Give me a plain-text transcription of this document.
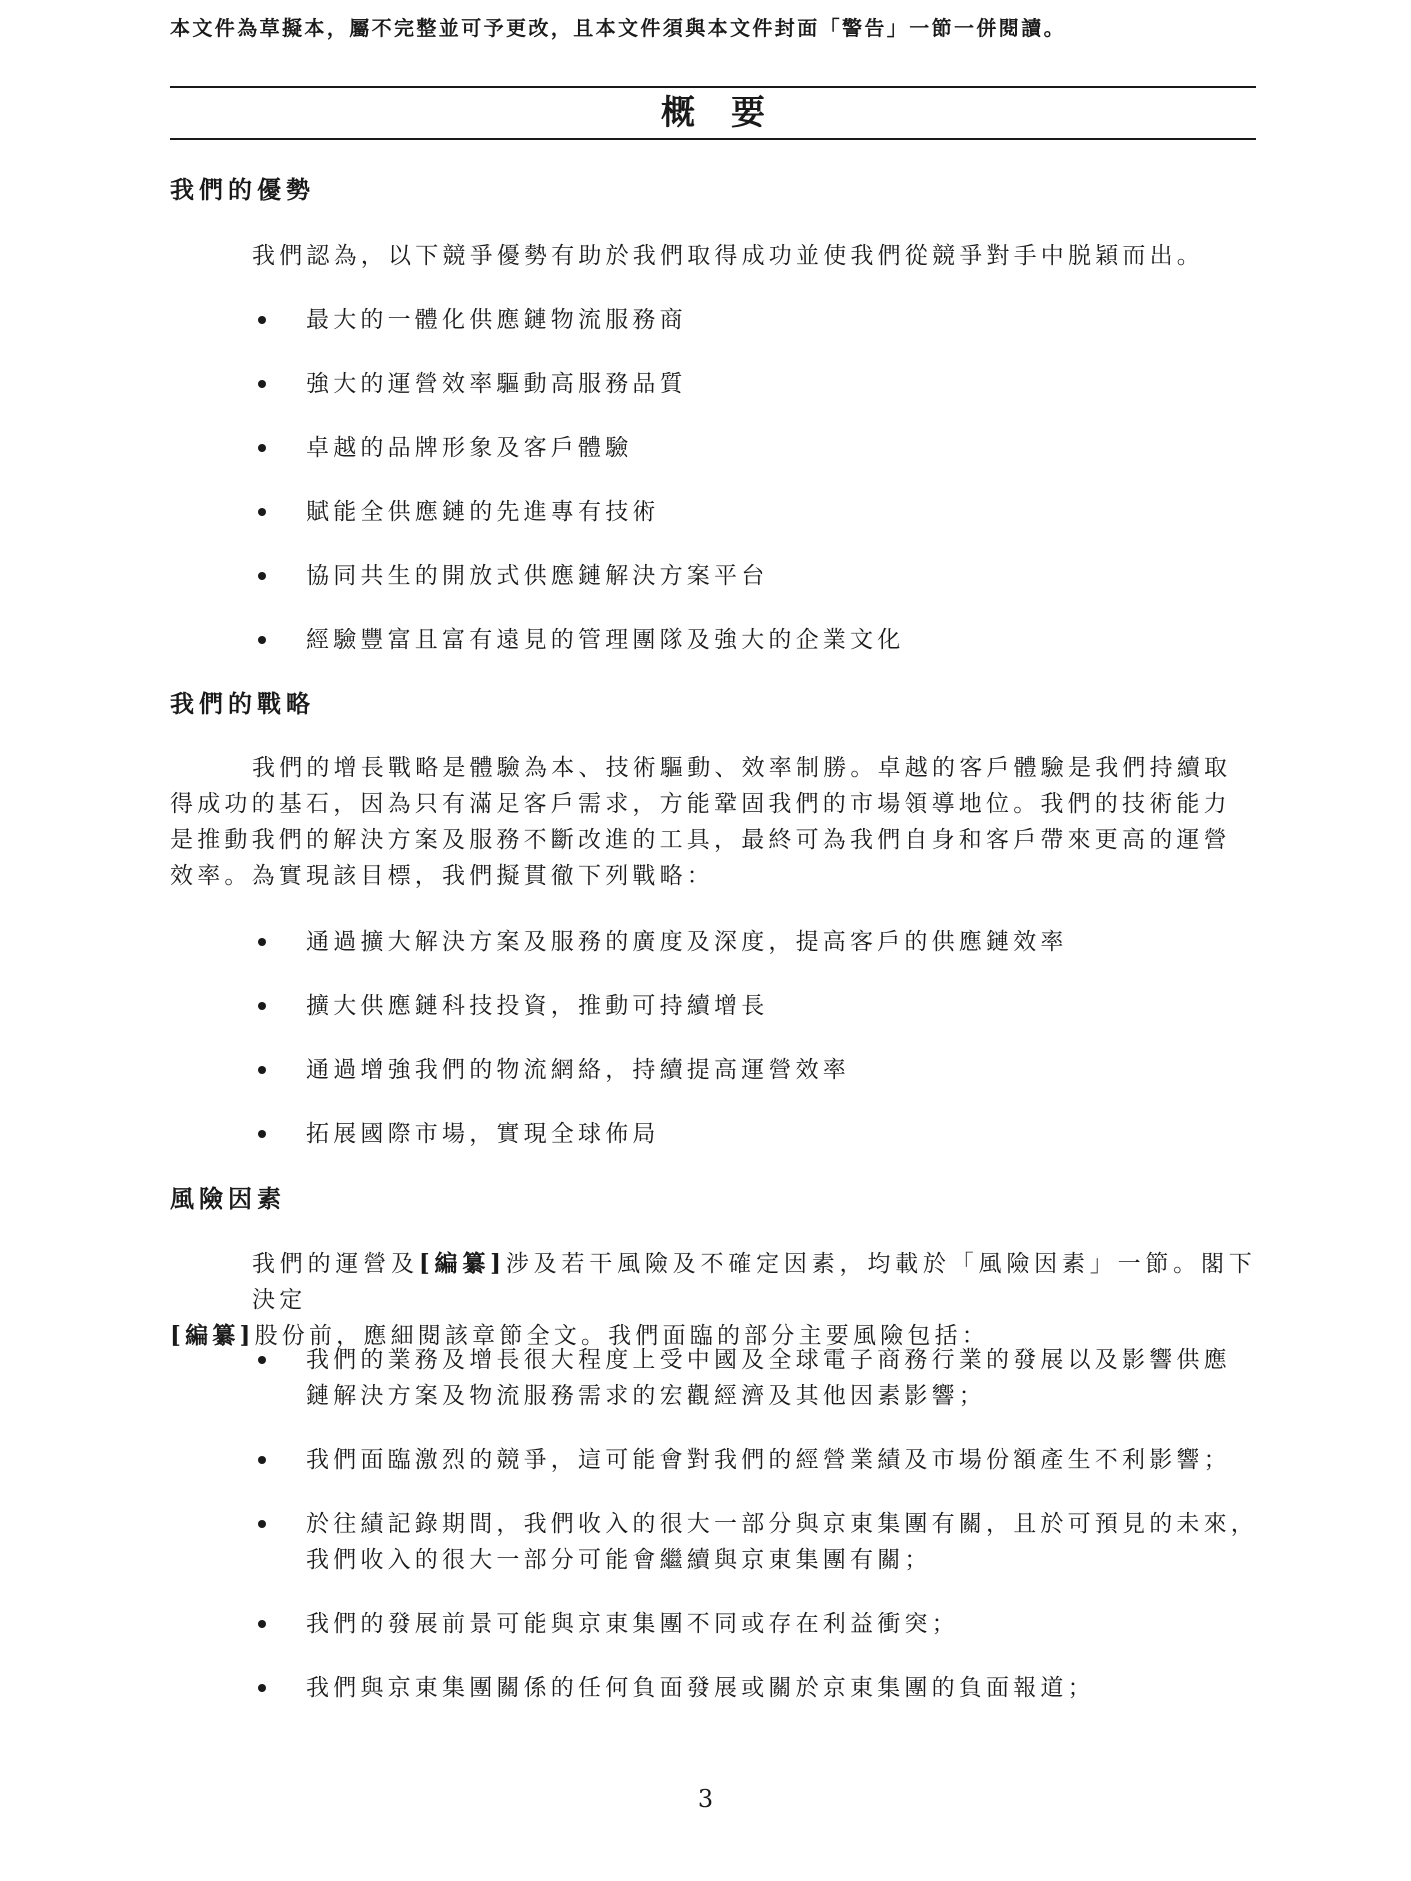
本文件為草擬本，屬不完整並可予更改，且本文件須與本文件封面「警告」一節一併閱讀。
概要
我們的優勢
我們認為，以下競爭優勢有助於我們取得成功並使我們從競爭對手中脱穎而出。
最大的一體化供應鏈物流服務商
強大的運營效率驅動高服務品質
卓越的品牌形象及客戶體驗
賦能全供應鏈的先進專有技術
協同共生的開放式供應鏈解決方案平台
經驗豐富且富有遠見的管理團隊及強大的企業文化
我們的戰略
我們的增長戰略是體驗為本、技術驅動、效率制勝。卓越的客戶體驗是我們持續取
得成功的基石，因為只有滿足客戶需求，方能鞏固我們的市場領導地位。我們的技術能力
是推動我們的解決方案及服務不斷改進的工具，最終可為我們自身和客戶帶來更高的運營
效率。為實現該目標，我們擬貫徹下列戰略：
通過擴大解決方案及服務的廣度及深度，提高客戶的供應鏈效率
擴大供應鏈科技投資，推動可持續增長
通過增強我們的物流網絡，持續提高運營效率
拓展國際市場，實現全球佈局
風險因素
我們的運營及[編纂]涉及若干風險及不確定因素，均載於「風險因素」一節。閣下決定
[編纂]股份前，應細閱該章節全文。我們面臨的部分主要風險包括：
我們的業務及增長很大程度上受中國及全球電子商務行業的發展以及影響供應
鏈解決方案及物流服務需求的宏觀經濟及其他因素影響；
我們面臨激烈的競爭，這可能會對我們的經營業績及市場份額產生不利影響；
於往績記錄期間，我們收入的很大一部分與京東集團有關，且於可預見的未來，
我們收入的很大一部分可能會繼續與京東集團有關；
我們的發展前景可能與京東集團不同或存在利益衝突；
我們與京東集團關係的任何負面發展或關於京東集團的負面報道；
3
